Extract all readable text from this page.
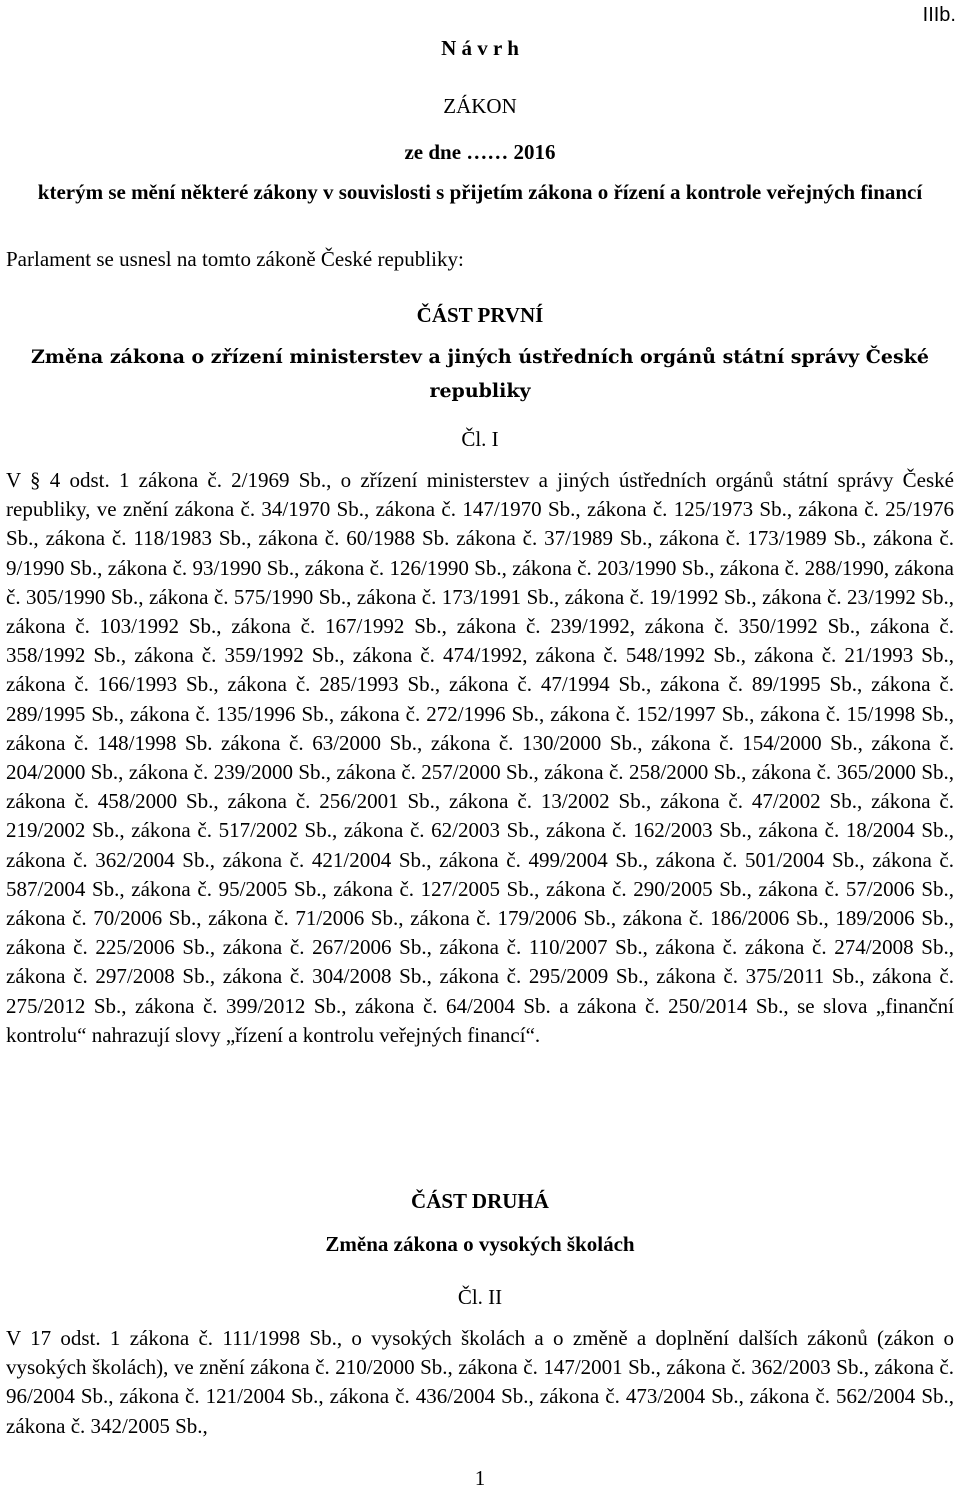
IIIb.
N á v r h
ZÁKON
ze dne …… 2016
kterým se mění některé zákony v souvislosti s přijetím zákona o řízení a kontrole veřejných financí
Parlament se usnesl na tomto zákoně České republiky:
ČÁST PRVNÍ
Změna zákona o zřízení ministerstev a jiných ústředních orgánů státní správy České republiky
Čl. I
V § 4 odst. 1 zákona č. 2/1969 Sb., o zřízení ministerstev a jiných ústředních orgánů státní správy České republiky, ve znění zákona č. 34/1970 Sb., zákona č. 147/1970 Sb., zákona č. 125/1973 Sb., zákona č. 25/1976 Sb., zákona č. 118/1983 Sb., zákona č. 60/1988 Sb. zákona č. 37/1989 Sb., zákona č. 173/1989 Sb., zákona č. 9/1990 Sb., zákona č. 93/1990 Sb., zákona č. 126/1990 Sb., zákona č. 203/1990 Sb., zákona č. 288/1990, zákona č. 305/1990 Sb., zákona č. 575/1990 Sb., zákona č. 173/1991 Sb., zákona č. 19/1992 Sb., zákona č. 23/1992 Sb., zákona č. 103/1992 Sb., zákona č. 167/1992 Sb., zákona č. 239/1992, zákona č. 350/1992 Sb., zákona č. 358/1992 Sb., zákona č. 359/1992 Sb., zákona č. 474/1992, zákona č. 548/1992 Sb., zákona č. 21/1993 Sb., zákona č. 166/1993 Sb., zákona č. 285/1993 Sb., zákona č. 47/1994 Sb., zákona č. 89/1995 Sb., zákona č. 289/1995 Sb., zákona č. 135/1996 Sb., zákona č. 272/1996 Sb., zákona č. 152/1997 Sb., zákona č. 15/1998 Sb., zákona č. 148/1998 Sb. zákona č. 63/2000 Sb., zákona č. 130/2000 Sb., zákona č. 154/2000 Sb., zákona č. 204/2000 Sb., zákona č. 239/2000 Sb., zákona č. 257/2000 Sb., zákona č. 258/2000 Sb., zákona č. 365/2000 Sb., zákona č. 458/2000 Sb., zákona č. 256/2001 Sb., zákona č. 13/2002 Sb., zákona č. 47/2002 Sb., zákona č. 219/2002 Sb., zákona č. 517/2002 Sb., zákona č. 62/2003 Sb., zákona č. 162/2003 Sb., zákona č. 18/2004 Sb., zákona č. 362/2004 Sb., zákona č. 421/2004 Sb., zákona č. 499/2004 Sb., zákona č. 501/2004 Sb., zákona č. 587/2004 Sb., zákona č. 95/2005 Sb., zákona č. 127/2005 Sb., zákona č. 290/2005 Sb., zákona č. 57/2006 Sb., zákona č. 70/2006 Sb., zákona č. 71/2006 Sb., zákona č. 179/2006 Sb., zákona č. 186/2006 Sb., 189/2006 Sb., zákona č. 225/2006 Sb., zákona č. 267/2006 Sb., zákona č. 110/2007 Sb., zákona č. zákona č. 274/2008 Sb., zákona č. 297/2008 Sb., zákona č. 304/2008 Sb., zákona č. 295/2009 Sb., zákona č. 375/2011 Sb., zákona č. 275/2012 Sb., zákona č. 399/2012 Sb., zákona č. 64/2004 Sb. a zákona č. 250/2014 Sb., se slova „finanční kontrolu“ nahrazují slovy „řízení a kontrolu veřejných financí“.
ČÁST DRUHÁ
Změna zákona o vysokých školách
Čl. II
V 17 odst. 1 zákona č. 111/1998 Sb., o vysokých školách a o změně a doplnění dalších zákonů (zákon o vysokých školách), ve znění zákona č. 210/2000 Sb., zákona č. 147/2001 Sb., zákona č. 362/2003 Sb., zákona č. 96/2004 Sb., zákona č. 121/2004 Sb., zákona č. 436/2004 Sb., zákona č. 473/2004 Sb., zákona č. 562/2004 Sb., zákona č. 342/2005 Sb.,
1
